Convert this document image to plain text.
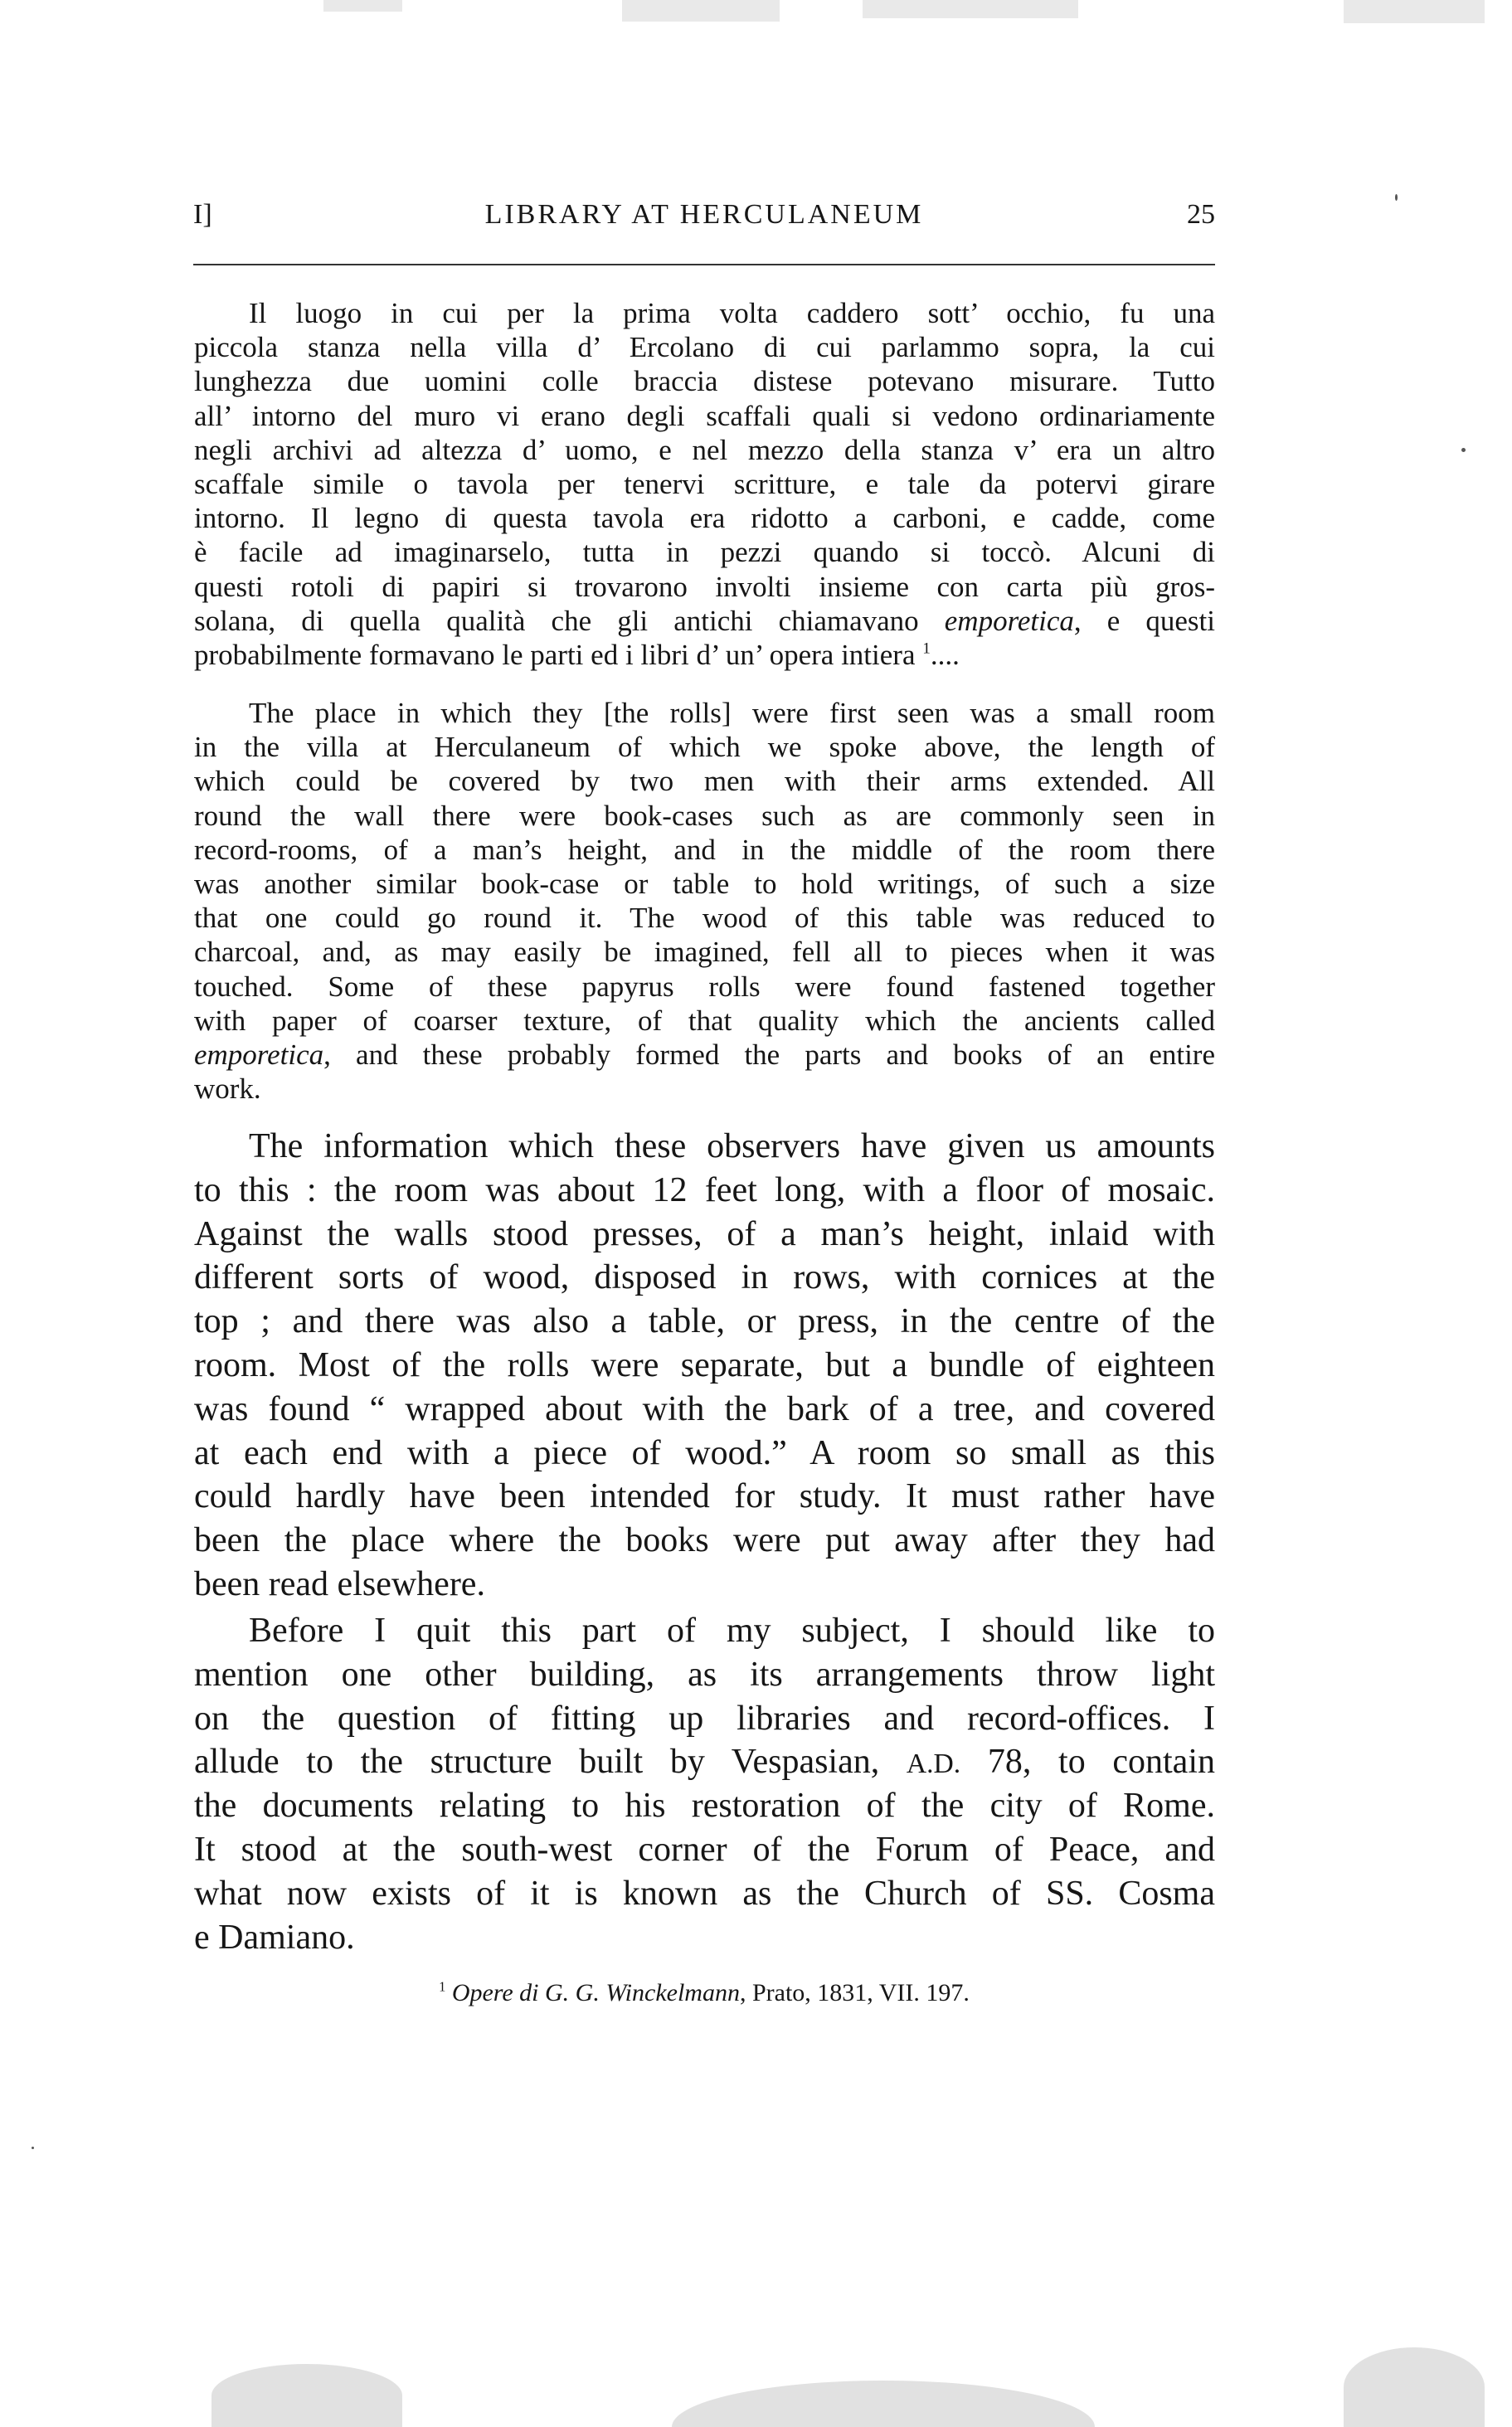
I]	LIBRARY AT HERCULANEUM	25
Il luogo in cui per la prima volta caddero sott’ occhio, fu una
piccola stanza nella villa d’ Ercolano di cui parlammo sopra, la cui
lunghezza due uomini colle braccia distese potevano misurare. Tutto
all’ intorno del muro vi erano degli scaffali quali si vedono ordinariamente
negli archivi ad altezza d’ uomo, e nel mezzo della stanza v’ era un altro
scaffale simile o tavola per tenervi scritture, e tale da potervi girare
intorno. Il legno di questa tavola era ridotto a carboni, e cadde, come
è facile ad imaginarselo, tutta in pezzi quando si toccò. Alcuni di
questi rotoli di papiri si trovarono involti insieme con carta più gros-
solana, di quella qualità che gli antichi chiamavano emporetica, e questi
probabilmente formavano le parti ed i libri d’ un’ opera intiera $^1$....
The place in which they [the rolls] were first seen was a small room
in the villa at Herculaneum of which we spoke above, the length of
which could be covered by two men with their arms extended. All
round the wall there were book-cases such as are commonly seen in
record-rooms, of a man’s height, and in the middle of the room there
was another similar book-case or table to hold writings, of such a size
that one could go round it. The wood of this table was reduced to
charcoal, and, as may easily be imagined, fell all to pieces when it was
touched. Some of these papyrus rolls were found fastened together
with paper of coarser texture, of that quality which the ancients called
emporetica, and these probably formed the parts and books of an entire
work.
The information which these observers have given us amounts
to this : the room was about 12 feet long, with a floor of mosaic.
Against the walls stood presses, of a man’s height, inlaid with
different sorts of wood, disposed in rows, with cornices at the
top ; and there was also a table, or press, in the centre of the
room. Most of the rolls were separate, but a bundle of eighteen
was found “ wrapped about with the bark of a tree, and covered
at each end with a piece of wood.” A room so small as this
could hardly have been intended for study. It must rather have
been the place where the books were put away after they had
been read elsewhere.
Before I quit this part of my subject, I should like to
mention one other building, as its arrangements throw light
on the question of fitting up libraries and record-offices. I
allude to the structure built by Vespasian, A.D. 78, to contain
the documents relating to his restoration of the city of Rome.
It stood at the south-west corner of the Forum of Peace, and
what now exists of it is known as the Church of SS. Cosma
e Damiano.
$^1$ Opere di G. G. Winckelmann, Prato, 1831, VII. 197.
